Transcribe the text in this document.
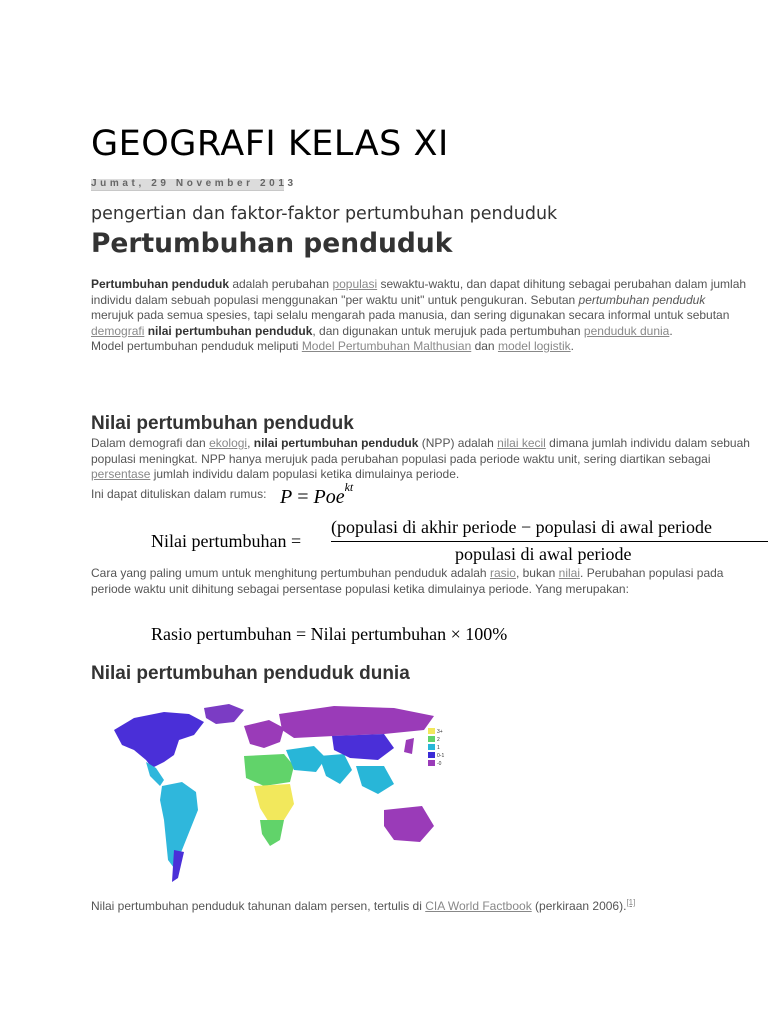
GEOGRAFI KELAS XI
Jumat, 29 November 2013
pengertian dan faktor-faktor pertumbuhan penduduk
Pertumbuhan penduduk
Pertumbuhan penduduk adalah perubahan populasi sewaktu-waktu, dan dapat dihitung sebagai perubahan dalam jumlah individu dalam sebuah populasi menggunakan "per waktu unit" untuk pengukuran. Sebutan pertumbuhan penduduk merujuk pada semua spesies, tapi selalu mengarah pada manusia, dan sering digunakan secara informal untuk sebutan demografi nilai pertumbuhan penduduk, dan digunakan untuk merujuk pada pertumbuhan penduduk dunia.
Model pertumbuhan penduduk meliputi Model Pertumbuhan Malthusian dan model logistik.
Nilai pertumbuhan penduduk
Dalam demografi dan ekologi, nilai pertumbuhan penduduk (NPP) adalah nilai kecil dimana jumlah individu dalam sebuah populasi meningkat. NPP hanya merujuk pada perubahan populasi pada periode waktu unit, sering diartikan sebagai persentase jumlah individu dalam populasi ketika dimulainya periode.
Ini dapat dituliskan dalam rumus: P = Poe$^{kt}$
Nilai pertumbuhan =
(populasi di akhir periode − populasi di awal periode
populasi di awal periode
Cara yang paling umum untuk menghitung pertumbuhan penduduk adalah rasio, bukan nilai. Perubahan populasi pada periode waktu unit dihitung sebagai persentase populasi ketika dimulainya periode. Yang merupakan:
Rasio pertumbuhan = Nilai pertumbuhan × 100%
Nilai pertumbuhan penduduk dunia
3+
2
1
0-1
-0
Nilai pertumbuhan penduduk tahunan dalam persen, tertulis di CIA World Factbook (perkiraan 2006).[1]
